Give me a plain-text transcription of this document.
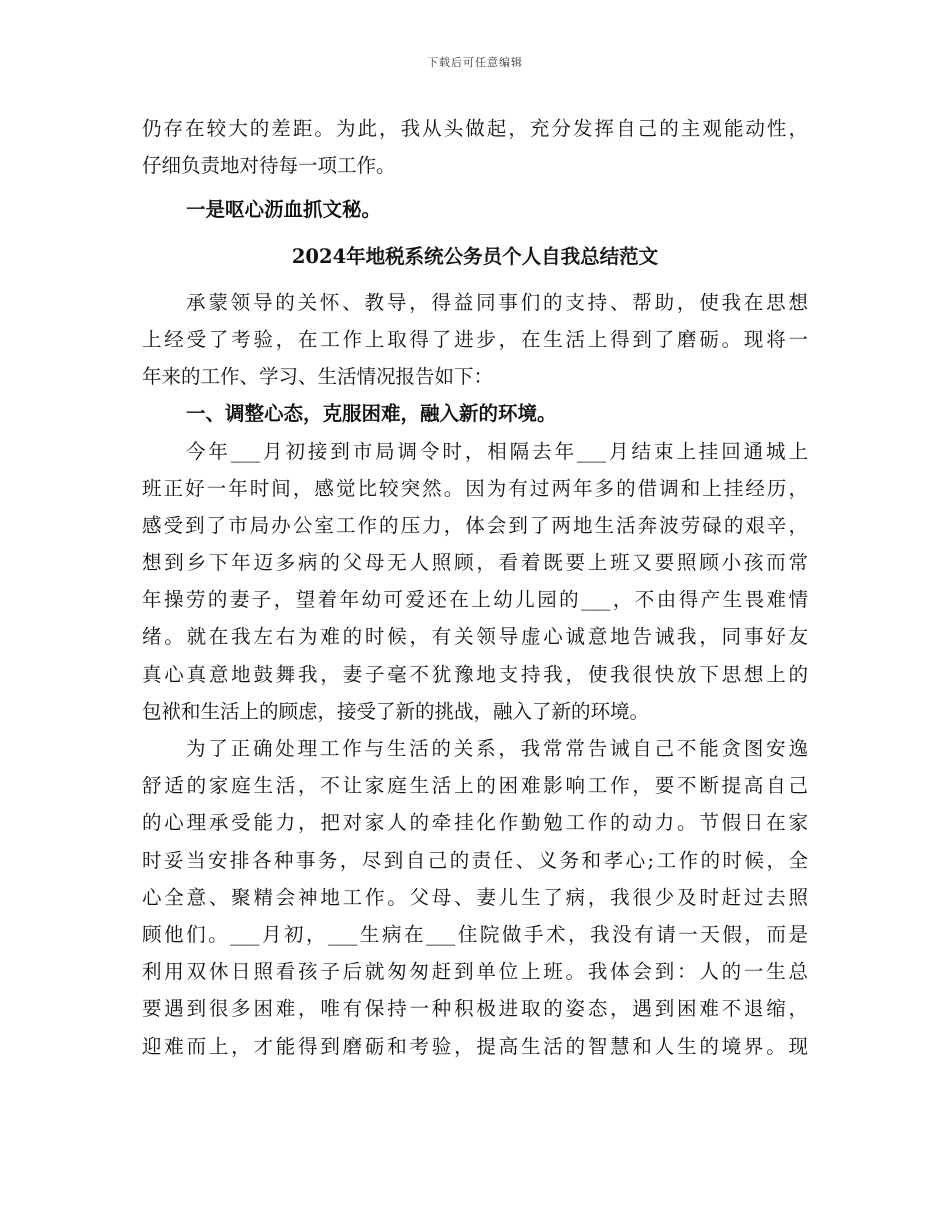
下载后可任意编辑
仍存在较大的差距。为此，我从头做起，充分发挥自己的主观能动性，
仔细负责地对待每一项工作。
一是呕心沥血抓文秘。
2024年地税系统公务员个人自我总结范文
承蒙领导的关怀、教导，得益同事们的支持、帮助，使我在思想
上经受了考验，在工作上取得了进步，在生活上得到了磨砺。现将一
年来的工作、学习、生活情况报告如下：
一、调整心态，克服困难，融入新的环境。
今年___月初接到市局调令时，相隔去年___月结束上挂回通城上
班正好一年时间，感觉比较突然。因为有过两年多的借调和上挂经历，
感受到了市局办公室工作的压力，体会到了两地生活奔波劳碌的艰辛，
想到乡下年迈多病的父母无人照顾，看着既要上班又要照顾小孩而常
年操劳的妻子，望着年幼可爱还在上幼儿园的___，不由得产生畏难情
绪。就在我左右为难的时候，有关领导虚心诚意地告诫我，同事好友
真心真意地鼓舞我，妻子毫不犹豫地支持我，使我很快放下思想上的
包袱和生活上的顾虑，接受了新的挑战，融入了新的环境。
为了正确处理工作与生活的关系，我常常告诫自己不能贪图安逸
舒适的家庭生活，不让家庭生活上的困难影响工作，要不断提高自己
的心理承受能力，把对家人的牵挂化作勤勉工作的动力。节假日在家
时妥当安排各种事务，尽到自己的责任、义务和孝心;工作的时候，全
心全意、聚精会神地工作。父母、妻儿生了病，我很少及时赶过去照
顾他们。___月初，___生病在___住院做手术，我没有请一天假，而是
利用双休日照看孩子后就匆匆赶到单位上班。我体会到：人的一生总
要遇到很多困难，唯有保持一种积极进取的姿态，遇到困难不退缩，
迎难而上，才能得到磨砺和考验，提高生活的智慧和人生的境界。现
